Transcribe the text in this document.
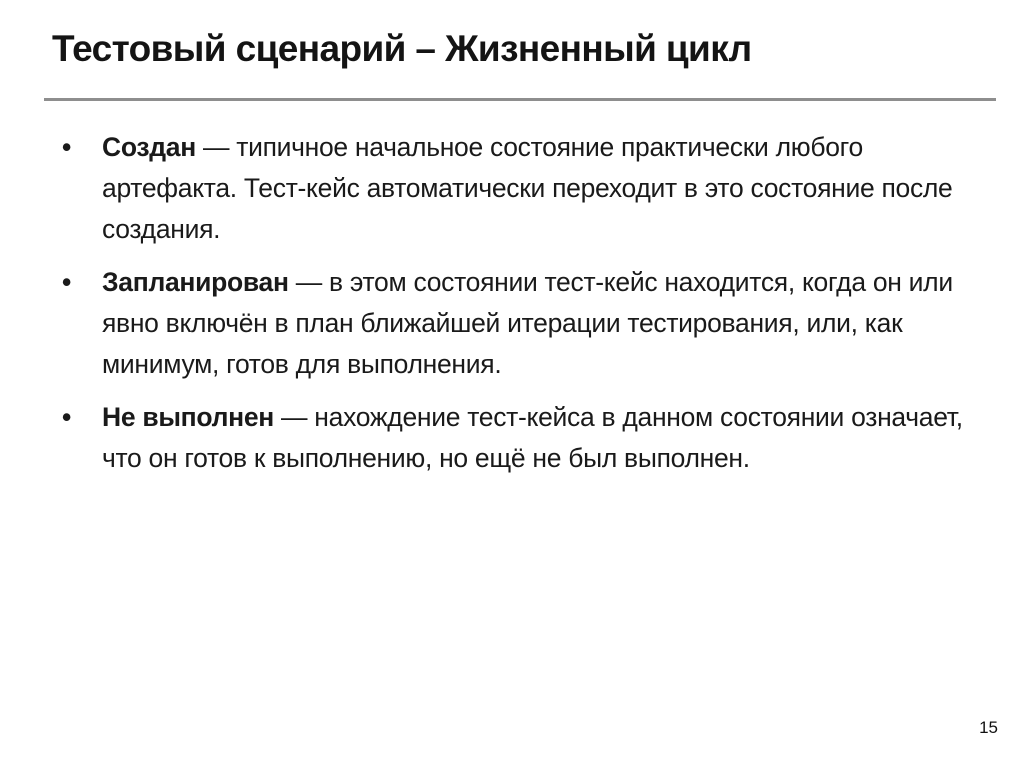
Тестовый сценарий – Жизненный цикл
•	Создан — типичное начальное состояние практически любого артефакта. Тест-кейс автоматически переходит в это состояние после создания.
•	Запланирован — в этом состоянии тест-кейс находится, когда он или явно включён в план ближайшей итерации тестирования, или, как минимум, готов для выполнения.
•	Не выполнен — нахождение тест-кейса в данном состоянии означает, что он готов к выполнению, но ещё не был выполнен.
15
